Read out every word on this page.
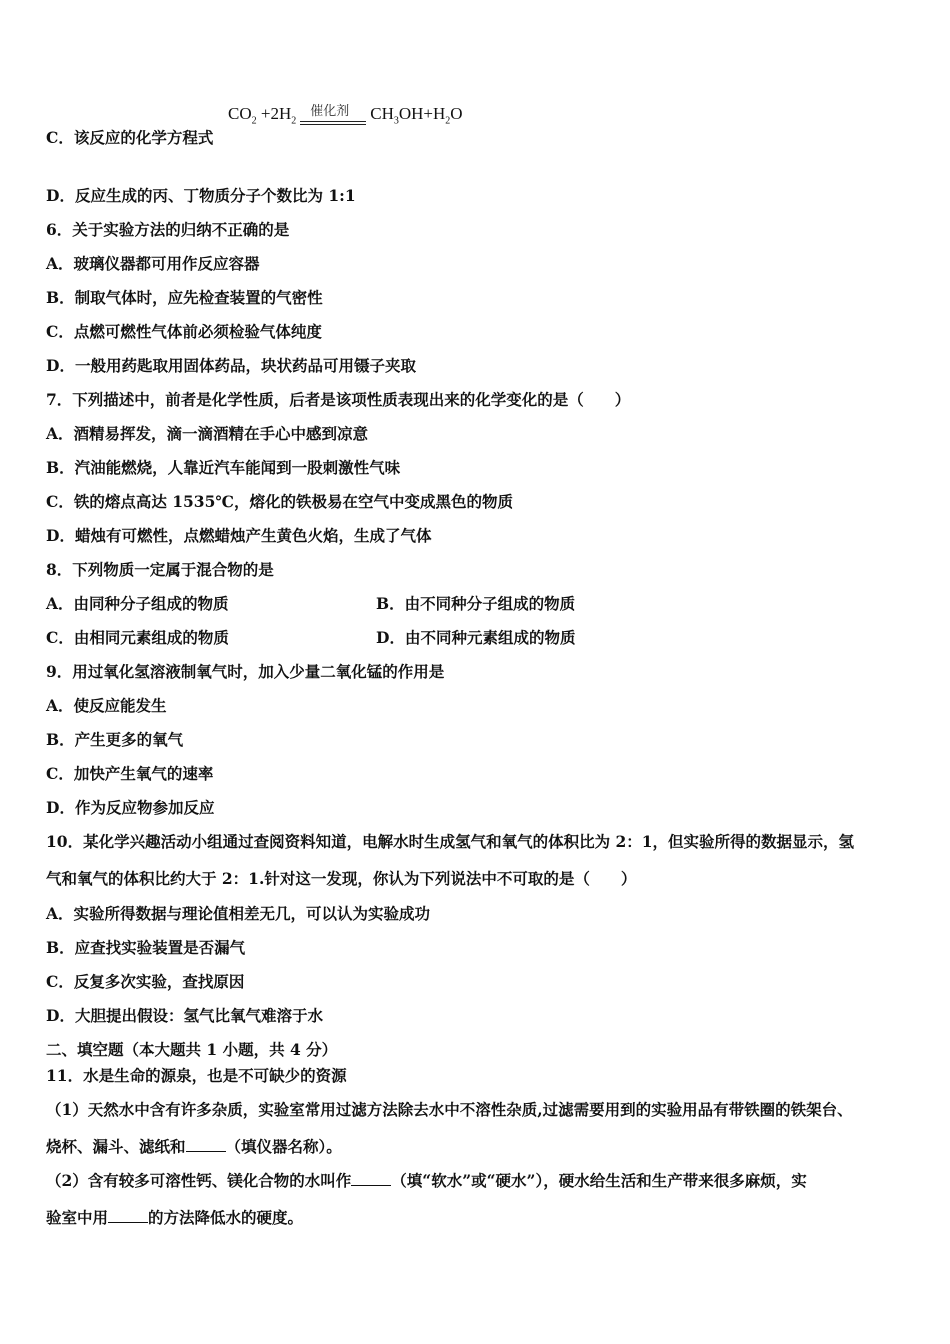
C．该反应的化学方程式
$CO_2 +2H_2$
催化剂 $CH_3OH+H_2O$
D．反应生成的丙、丁物质分子个数比为 1:1
6．关于实验方法的归纳不正确的是
A．玻璃仪器都可用作反应容器
B．制取气体时，应先检查装置的气密性
C．点燃可燃性气体前必须检验气体纯度
D．一般用药匙取用固体药品，块状药品可用镊子夹取
7．下列描述中，前者是化学性质，后者是该项性质表现出来的化学变化的是（　　）
A．酒精易挥发，滴一滴酒精在手心中感到凉意
B．汽油能燃烧，人靠近汽车能闻到一股刺激性气味
C．铁的熔点高达 1535℃，熔化的铁极易在空气中变成黑色的物质
D．蜡烛有可燃性，点燃蜡烛产生黄色火焰，生成了气体
8．下列物质一定属于混合物的是
A．由同种分子组成的物质	B．由不同种分子组成的物质
C．由相同元素组成的物质	D．由不同种元素组成的物质
9．用过氧化氢溶液制氧气时，加入少量二氧化锰的作用是
A．使反应能发生
B．产生更多的氧气
C．加快产生氧气的速率
D．作为反应物参加反应
10．某化学兴趣活动小组通过查阅资料知道，电解水时生成氢气和氧气的体积比为 2：1，但实验所得的数据显示，氢
气和氧气的体积比约大于 2：1.针对这一发现，你认为下列说法中不可取的是（　　）
A．实验所得数据与理论值相差无几，可以认为实验成功
B．应查找实验装置是否漏气
C．反复多次实验，查找原因
D．大胆提出假设：氢气比氧气难溶于水
二、填空题（本大题共 1 小题，共 4 分）
11．水是生命的源泉，也是不可缺少的资源
（1）天然水中含有许多杂质，实验室常用过滤方法除去水中不溶性杂质,过滤需要用到的实验用品有带铁圈的铁架台、
烧杯、漏斗、滤纸和	（填仪器名称）。
（2）含有较多可溶性钙、镁化合物的水叫作	（填“软水”或“硬水”），硬水给生活和生产带来很多麻烦，实
验室中用	的方法降低水的硬度。
